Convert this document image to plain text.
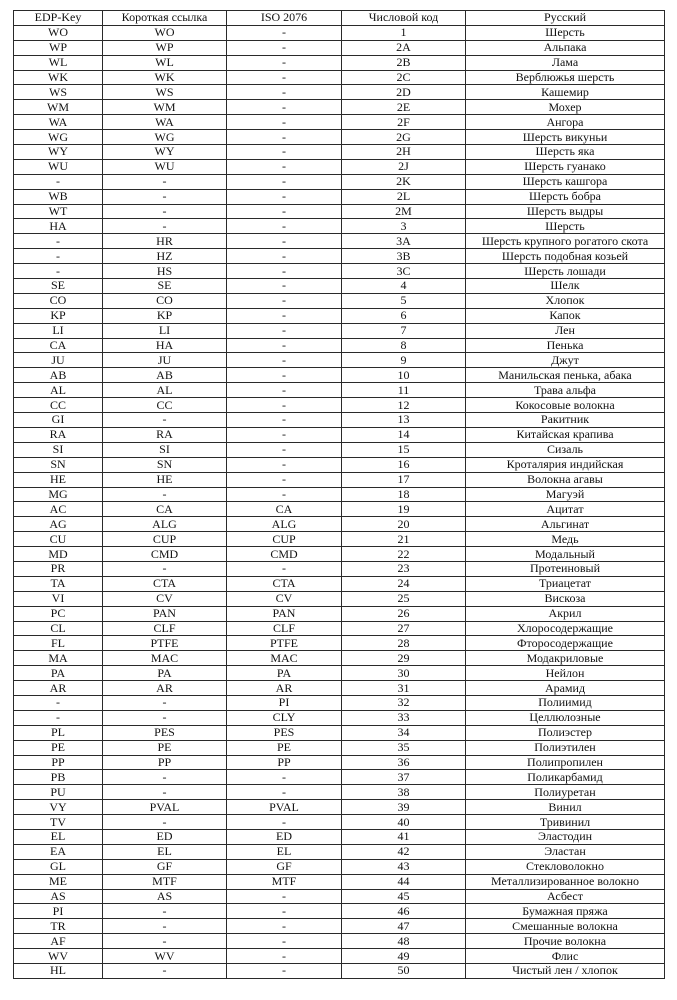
EDP-Key	Короткая ссылка	ISO 2076	Числовой код	Русский
WO	WO	-	1	Шерсть
WP	WP	-	2A	Альпака
WL	WL	-	2B	Лама
WK	WK	-	2C	Верблюжья шерсть
WS	WS	-	2D	Кашемир
WM	WM	-	2E	Мохер
WA	WA	-	2F	Ангора
WG	WG	-	2G	Шерсть викуньи
WY	WY	-	2H	Шерсть яка
WU	WU	-	2J	Шерсть гуанако
-	-	-	2K	Шерсть кашгора
WB	-	-	2L	Шерсть бобра
WT	-	-	2M	Шерсть выдры
HA	-	-	3	Шерсть
-	HR	-	3A	Шерсть крупного рогатого скота
-	HZ	-	3B	Шерсть подобная козьей
-	HS	-	3C	Шерсть лошади
SE	SE	-	4	Шелк
CO	CO	-	5	Хлопок
KP	KP	-	6	Капок
LI	LI	-	7	Лен
CA	HA	-	8	Пенька
JU	JU	-	9	Джут
AB	AB	-	10	Манильская пенька, абака
AL	AL	-	11	Трава альфа
CC	CC	-	12	Кокосовые волокна
GI	-	-	13	Ракитник
RA	RA	-	14	Китайская крапива
SI	SI	-	15	Сизаль
SN	SN	-	16	Кроталярия индийская
HE	HE	-	17	Волокна агавы
MG	-	-	18	Магуэй
AC	CA	CA	19	Ацитат
AG	ALG	ALG	20	Альгинат
CU	CUP	CUP	21	Медь
MD	CMD	CMD	22	Модальный
PR	-	-	23	Протеиновый
TA	CTA	CTA	24	Триацетат
VI	CV	CV	25	Вискоза
PC	PAN	PAN	26	Акрил
CL	CLF	CLF	27	Хлоросодержащие
FL	PTFE	PTFE	28	Фторосодержащие
MA	MAC	MAC	29	Модакриловые
PA	PA	PA	30	Нейлон
AR	AR	AR	31	Арамид
-	-	PI	32	Полиимид
-	-	CLY	33	Целлюлозные
PL	PES	PES	34	Полиэстер
PE	PE	PE	35	Полиэтилен
PP	PP	PP	36	Полипропилен
PB	-	-	37	Поликарбамид
PU	-	-	38	Полиуретан
VY	PVAL	PVAL	39	Винил
TV	-	-	40	Тривинил
EL	ED	ED	41	Эластодин
EA	EL	EL	42	Эластан
GL	GF	GF	43	Стекловолокно
ME	MTF	MTF	44	Металлизированное волокно
AS	AS	-	45	Асбест
PI	-	-	46	Бумажная пряжа
TR	-	-	47	Смешанные волокна
AF	-	-	48	Прочие волокна
WV	WV	-	49	Флис
HL	-	-	50	Чистый лен / хлопок
